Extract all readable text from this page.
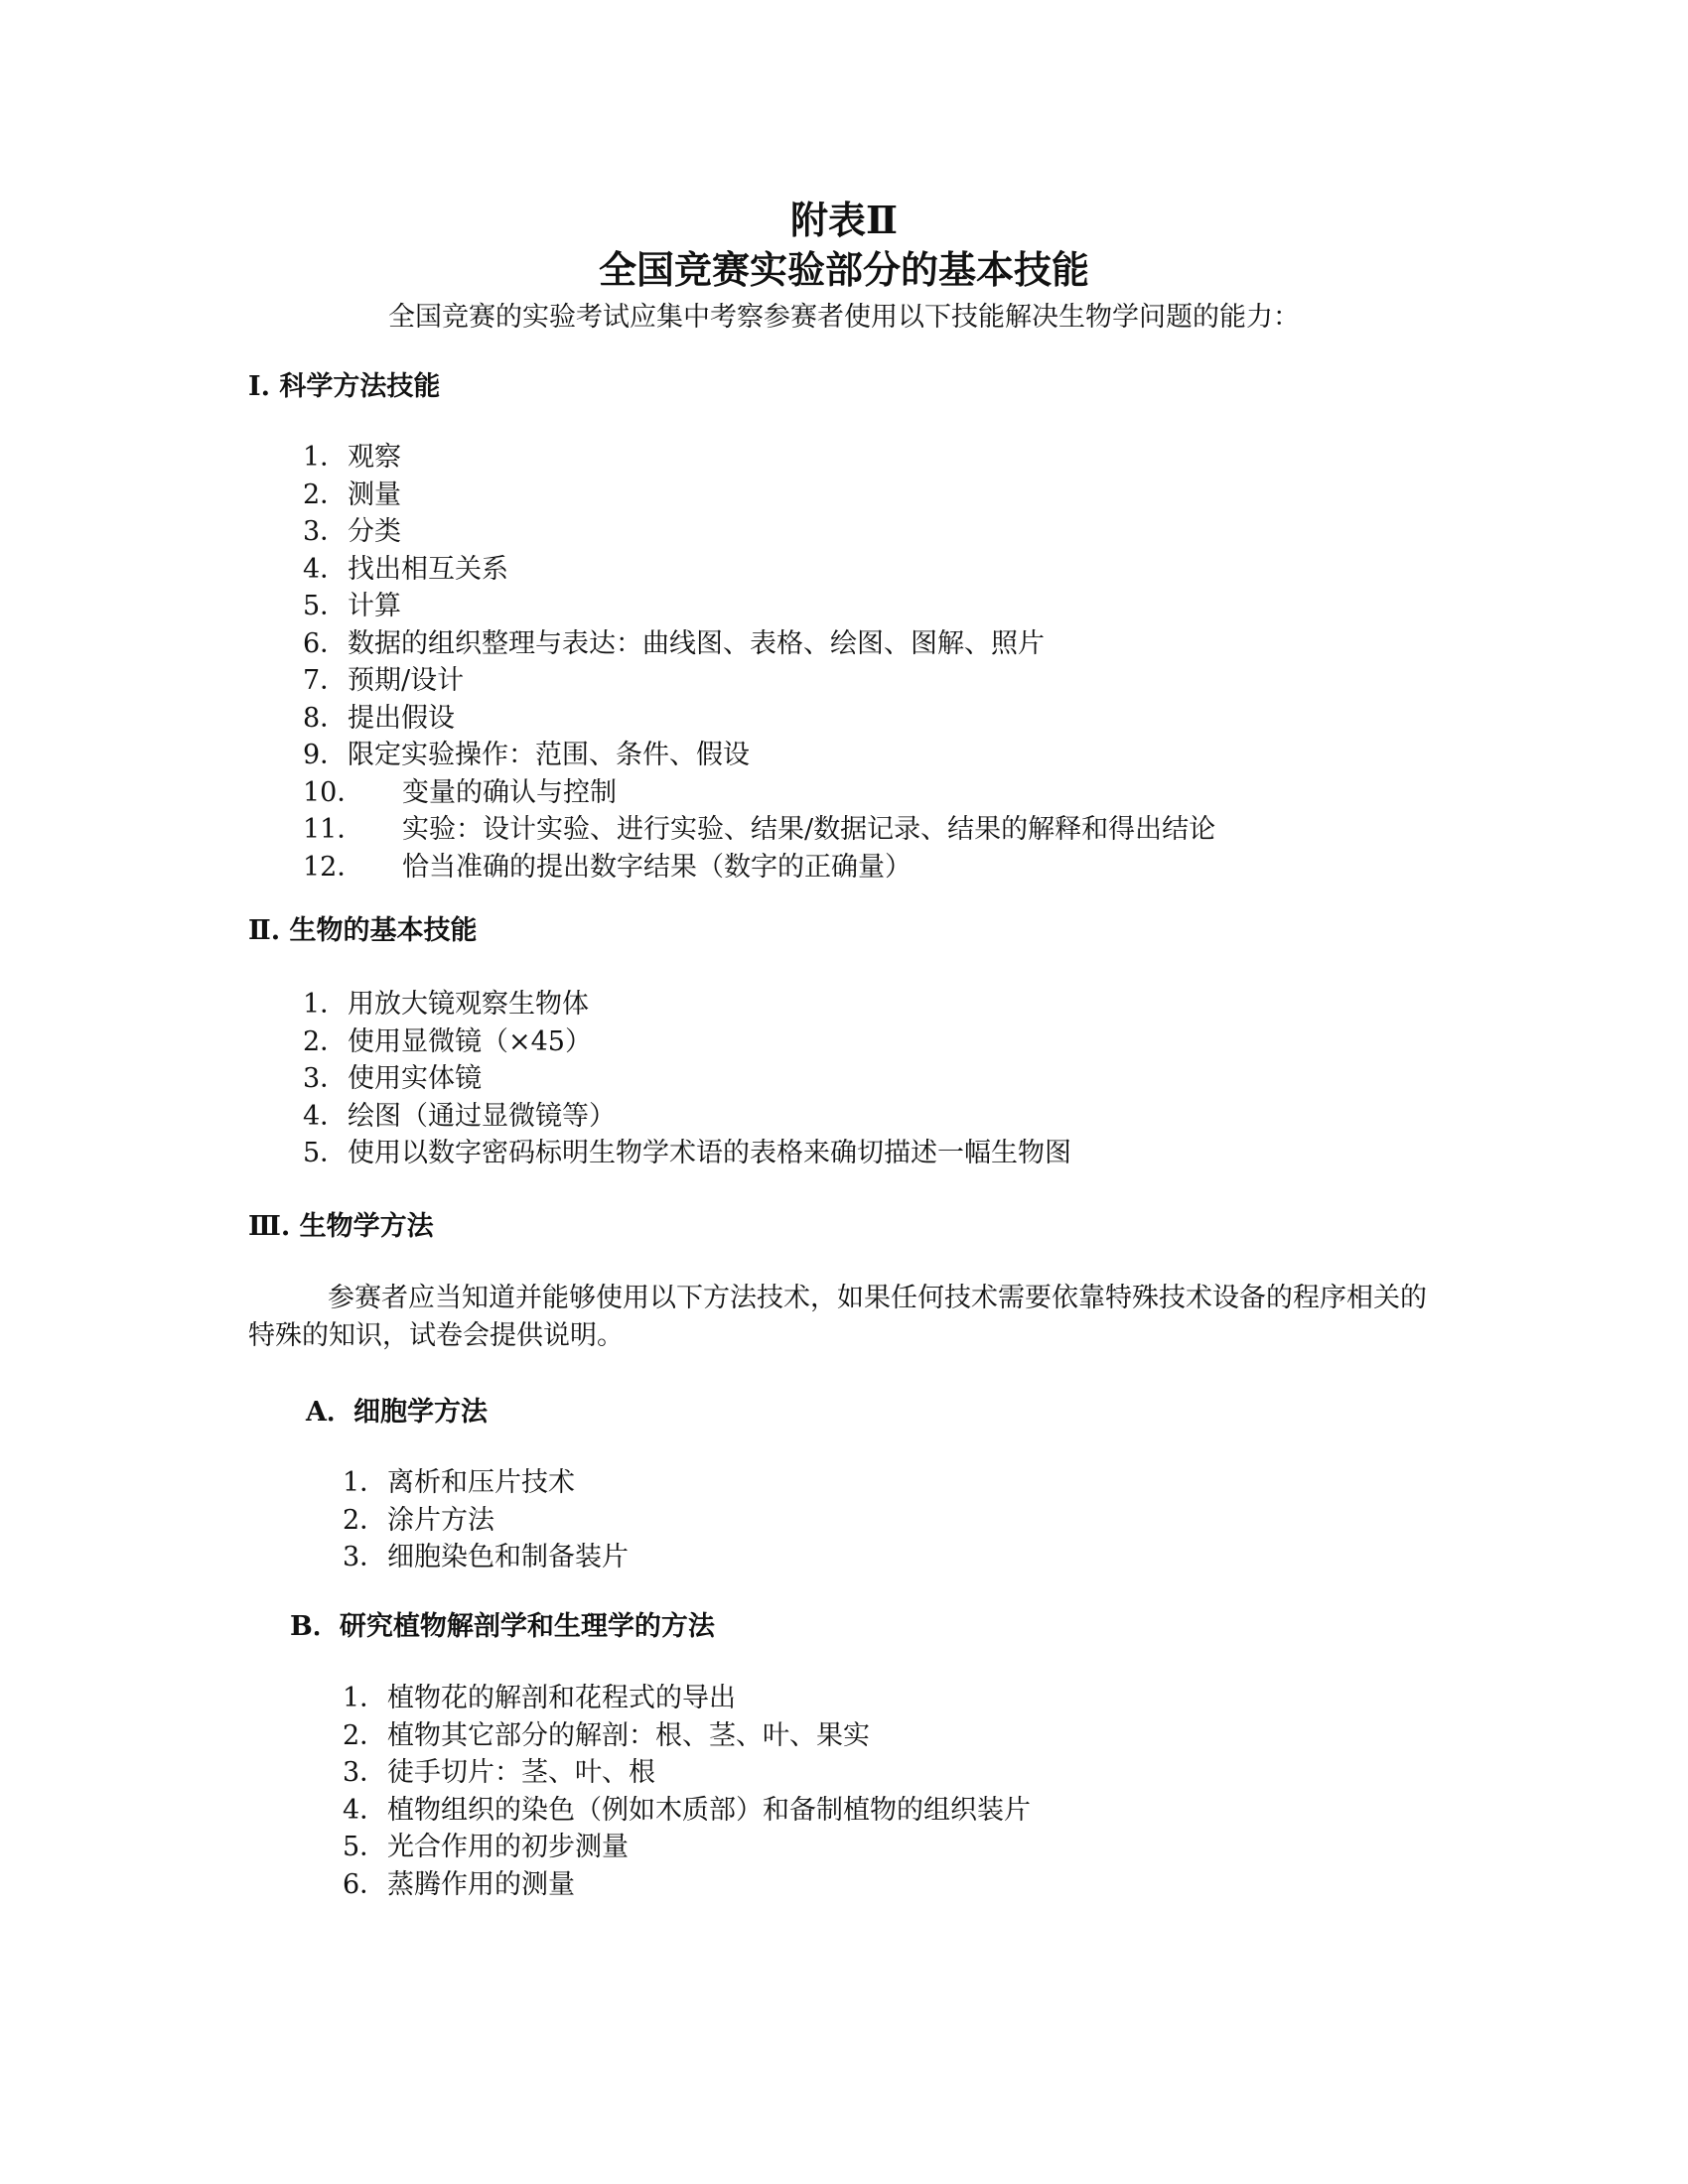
附表Ⅱ
全国竞赛实验部分的基本技能
全国竞赛的实验考试应集中考察参赛者使用以下技能解决生物学问题的能力：
Ⅰ. 科学方法技能
1．观察
2．测量
3．分类
4．找出相互关系
5．计算
6．数据的组织整理与表达：曲线图、表格、绘图、图解、照片
7．预期/设计
8．提出假设
9．限定实验操作：范围、条件、假设
10． 变量的确认与控制
11． 实验：设计实验、进行实验、结果/数据记录、结果的解释和得出结论
12． 恰当准确的提出数字结果（数字的正确量）
Ⅱ. 生物的基本技能
1．用放大镜观察生物体
2．使用显微镜（×45）
3．使用实体镜
4．绘图（通过显微镜等）
5．使用以数字密码标明生物学术语的表格来确切描述一幅生物图
Ⅲ. 生物学方法

参赛者应当知道并能够使用以下方法技术，如果任何技术需要依靠特殊技术设备的程序相关的特殊的知识，试卷会提供说明。

A．细胞学方法
1．离析和压片技术
2．涂片方法
3．细胞染色和制备装片
B．研究植物解剖学和生理学的方法
1．植物花的解剖和花程式的导出
2．植物其它部分的解剖：根、茎、叶、果实
3．徒手切片：茎、叶、根
4．植物组织的染色（例如木质部）和备制植物的组织装片
5．光合作用的初步测量
6．蒸腾作用的测量
